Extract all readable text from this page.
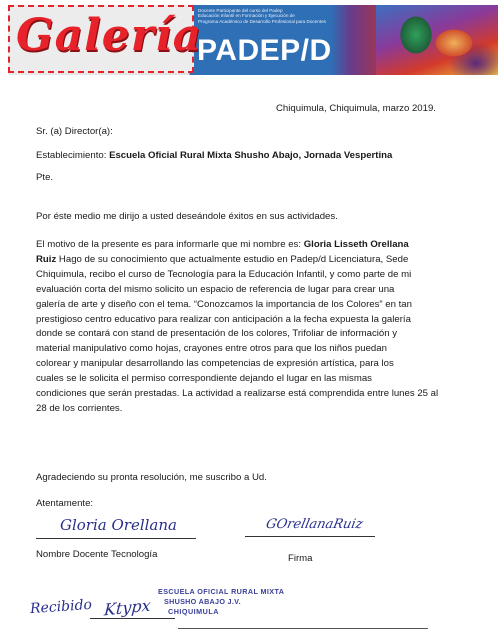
Galería
Docente Participante del curso del Padep
Educación Infantil en Formación y Ejecución de
Programa Académico de Desarrollo Profesional para Docentes
PADEP/D
Chiquimula, Chiquimula, marzo 2019.
Sr. (a) Director(a):
Establecimiento: Escuela Oficial Rural Mixta Shusho Abajo, Jornada Vespertina
Pte.
Por éste medio me dirijo a usted deseándole éxitos en sus actividades.
El motivo de la presente es para informarle que mi nombre es: Gloria Lisseth Orellana
Ruiz Hago de su conocimiento que actualmente estudio en Padep/d Licenciatura, Sede
Chiquimula, recibo el curso de Tecnología para la Educación Infantil, y como parte de mi
evaluación corta del mismo solicito un espacio de referencia de lugar para crear una
galería de arte y diseño con el tema. “Conozcamos la importancia de los Colores” en tan
prestigioso centro educativo para realizar con anticipación a la fecha expuesta la galería
donde se contará con stand de presentación de los colores, Trifoliar de información y
material manipulativo como hojas, crayones entre otros para que los niños puedan
colorear y manipular desarrollando las competencias de expresión artística, para los
cuales se le solicita el permiso correspondiente dejando el lugar en las mismas
condiciones que serán prestadas. La actividad a realizarse está comprendida entre lunes 25 al
28 de los corrientes.
Agradeciendo su pronta resolución, me suscribo a Ud.
Atentamente:
Gloria Orellana
Nombre Docente Tecnología
GOrellanaRuiz
Firma
Recibido Ktypx
ESCUELA OFICIAL RURAL MIXTA
SHUSHO ABAJO J.V.
CHIQUIMULA
